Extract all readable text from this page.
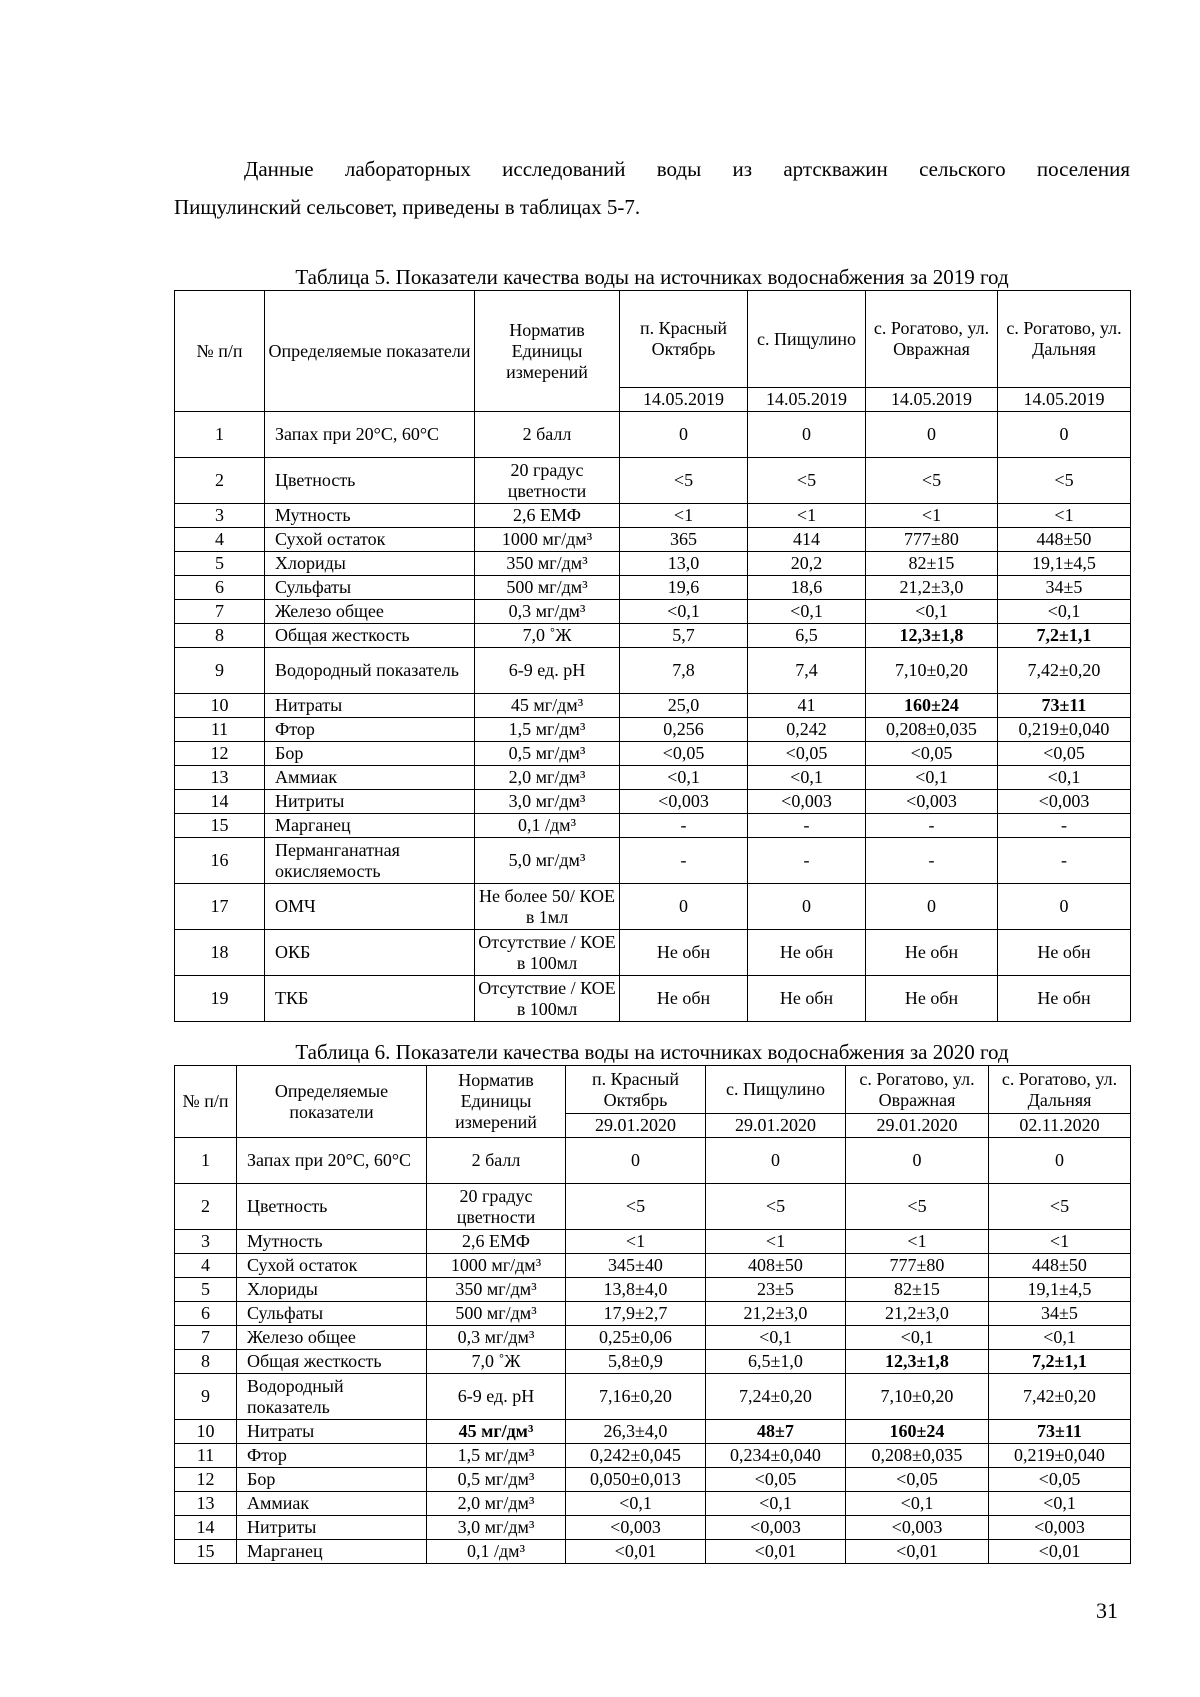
Данные лабораторных исследований воды из артскважин сельского поселения
Пищулинский сельсовет, приведены в таблицах 5-7.

Таблица 5. Показатели качества воды на источниках водоснабжения за 2019 год

№ п/п	Определяемые показатели	Норматив Единицы измерений	п. Красный Октябрь	с. Пищулино	с. Рогатово, ул. Овражная	с. Рогатово, ул. Дальняя
			14.05.2019	14.05.2019	14.05.2019	14.05.2019
1	Запах при 20°С, 60°С	2 балл	0	0	0	0
2	Цветность	20 градус цветности	<5	<5	<5	<5
3	Мутность	2,6 ЕМФ	<1	<1	<1	<1
4	Сухой остаток	1000 мг/дм³	365	414	777±80	448±50
5	Хлориды	350 мг/дм³	13,0	20,2	82±15	19,1±4,5
6	Сульфаты	500 мг/дм³	19,6	18,6	21,2±3,0	34±5
7	Железо общее	0,3 мг/дм³	<0,1	<0,1	<0,1	<0,1
8	Общая жесткость	7,0 ˚Ж	5,7	6,5	12,3±1,8	7,2±1,1
9	Водородный показатель	6-9 ед. рН	7,8	7,4	7,10±0,20	7,42±0,20
10	Нитраты	45 мг/дм³	25,0	41	160±24	73±11
11	Фтор	1,5 мг/дм³	0,256	0,242	0,208±0,035	0,219±0,040
12	Бор	0,5 мг/дм³	<0,05	<0,05	<0,05	<0,05
13	Аммиак	2,0 мг/дм³	<0,1	<0,1	<0,1	<0,1
14	Нитриты	3,0 мг/дм³	<0,003	<0,003	<0,003	<0,003
15	Марганец	0,1 /дм³	-	-	-	-
16	Перманганатная окисляемость	5,0 мг/дм³	-	-	-	-
17	ОМЧ	Не более 50/ КОЕ в 1мл	0	0	0	0
18	ОКБ	Отсутствие / КОЕ в 100мл	Не обн	Не обн	Не обн	Не обн
19	ТКБ	Отсутствие / КОЕ в 100мл	Не обн	Не обн	Не обн	Не обн

Таблица 6. Показатели качества воды на источниках водоснабжения за 2020 год

№ п/п	Определяемые показатели	Норматив Единицы измерений	п. Красный Октябрь	с. Пищулино	с. Рогатово, ул. Овражная	с. Рогатово, ул. Дальняя
			29.01.2020	29.01.2020	29.01.2020	02.11.2020
1	Запах при 20°С, 60°С	2 балл	0	0	0	0
2	Цветность	20 градус цветности	<5	<5	<5	<5
3	Мутность	2,6 ЕМФ	<1	<1	<1	<1
4	Сухой остаток	1000 мг/дм³	345±40	408±50	777±80	448±50
5	Хлориды	350 мг/дм³	13,8±4,0	23±5	82±15	19,1±4,5
6	Сульфаты	500 мг/дм³	17,9±2,7	21,2±3,0	21,2±3,0	34±5
7	Железо общее	0,3 мг/дм³	0,25±0,06	<0,1	<0,1	<0,1
8	Общая жесткость	7,0 ˚Ж	5,8±0,9	6,5±1,0	12,3±1,8	7,2±1,1
9	Водородный показатель	6-9 ед. рН	7,16±0,20	7,24±0,20	7,10±0,20	7,42±0,20
10	Нитраты	45 мг/дм³	26,3±4,0	48±7	160±24	73±11
11	Фтор	1,5 мг/дм³	0,242±0,045	0,234±0,040	0,208±0,035	0,219±0,040
12	Бор	0,5 мг/дм³	0,050±0,013	<0,05	<0,05	<0,05
13	Аммиак	2,0 мг/дм³	<0,1	<0,1	<0,1	<0,1
14	Нитриты	3,0 мг/дм³	<0,003	<0,003	<0,003	<0,003
15	Марганец	0,1 /дм³	<0,01	<0,01	<0,01	<0,01
31
